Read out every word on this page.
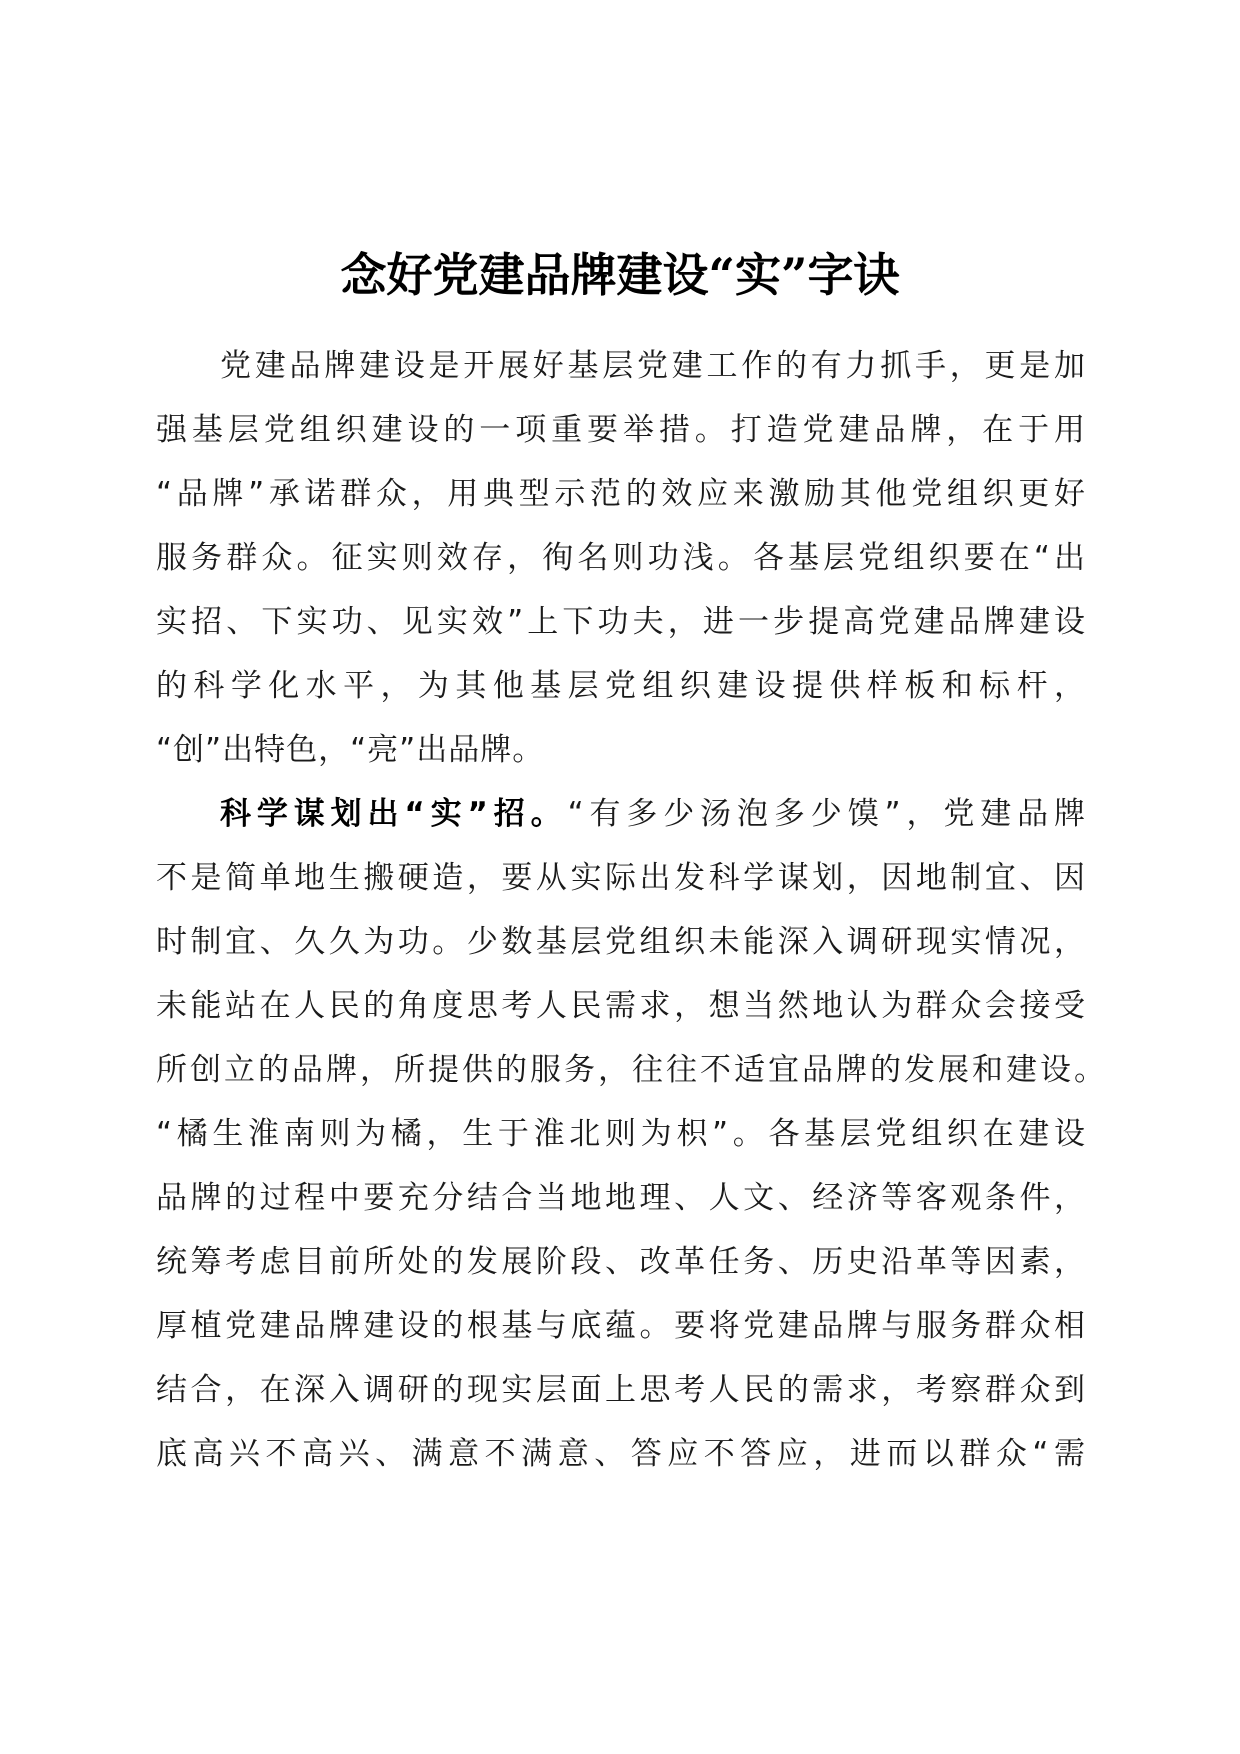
念好党建品牌建设“实”字诀
党建品牌建设是开展好基层党建工作的有力抓手，更是加
强基层党组织建设的一项重要举措。打造党建品牌，在于用
“品牌”承诺群众，用典型示范的效应来激励其他党组织更好
服务群众。征实则效存，徇名则功浅。各基层党组织要在“出
实招、下实功、见实效”上下功夫，进一步提高党建品牌建设
的科学化水平，为其他基层党组织建设提供样板和标杆，
“创”出特色，“亮”出品牌。
科学谋划出“实”招。“有多少汤泡多少馍”，党建品牌
不是简单地生搬硬造，要从实际出发科学谋划，因地制宜、因
时制宜、久久为功。少数基层党组织未能深入调研现实情况，
未能站在人民的角度思考人民需求，想当然地认为群众会接受
所创立的品牌，所提供的服务，往往不适宜品牌的发展和建设。
“橘生淮南则为橘，生于淮北则为枳”。各基层党组织在建设
品牌的过程中要充分结合当地地理、人文、经济等客观条件，
统筹考虑目前所处的发展阶段、改革任务、历史沿革等因素，
厚植党建品牌建设的根基与底蕴。要将党建品牌与服务群众相
结合，在深入调研的现实层面上思考人民的需求，考察群众到
底高兴不高兴、满意不满意、答应不答应，进而以群众“需
